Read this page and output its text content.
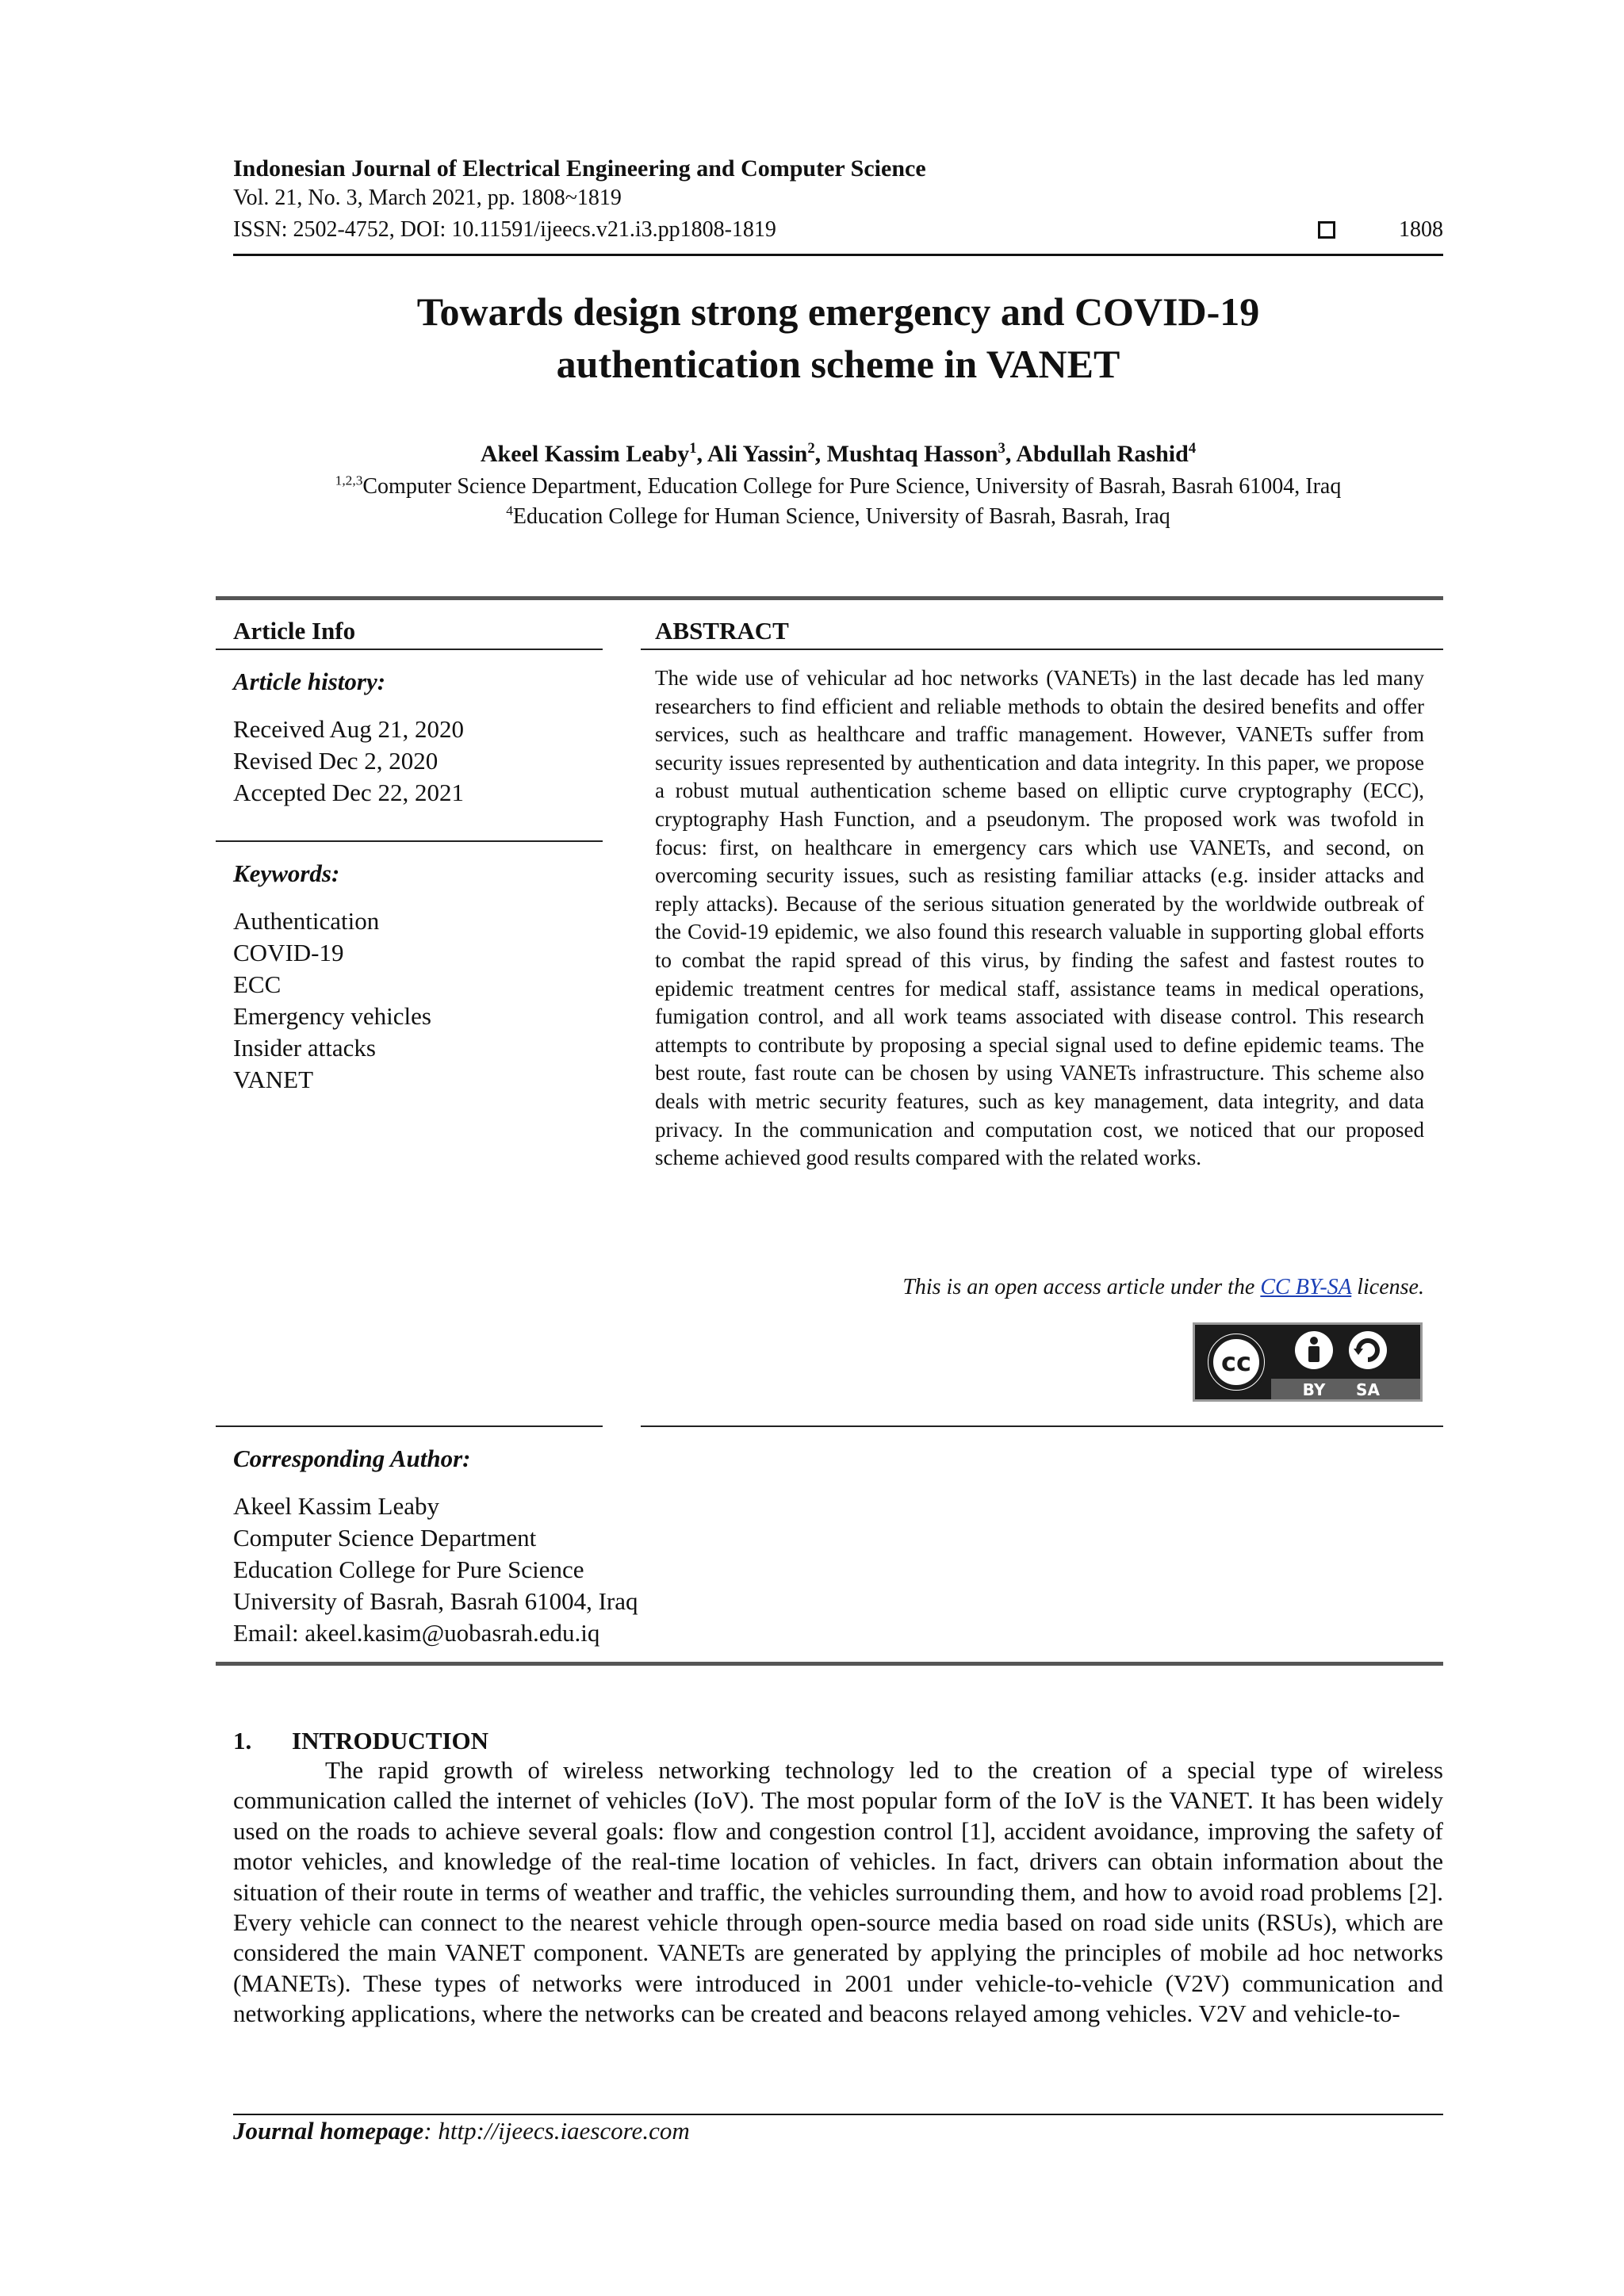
Indonesian Journal of Electrical Engineering and Computer Science
Vol. 21, No. 3, March 2021, pp. 1808~1819
ISSN: 2502-4752, DOI: 10.11591/ijeecs.v21.i3.pp1808-1819	1808
Towards design strong emergency and COVID-19
authentication scheme in VANET
Akeel Kassim Leaby$^1$, Ali Yassin$^2$, Mushtaq Hasson$^3$, Abdullah Rashid$^4$
$^{1,2,3}$Computer Science Department, Education College for Pure Science, University of Basrah, Basrah 61004, Iraq
$^4$Education College for Human Science, University of Basrah, Basrah, Iraq
Article Info
Article history:
Received Aug 21, 2020
Revised Dec 2, 2020
Accepted Dec 22, 2021
Keywords:
Authentication
COVID-19
ECC
Emergency vehicles
Insider attacks
VANET
ABSTRACT
The wide use of vehicular ad hoc networks (VANETs) in the last decade has led many researchers to find efficient and reliable methods to obtain the desired benefits and offer services, such as healthcare and traffic management. However, VANETs suffer from security issues represented by authentication and data integrity. In this paper, we propose a robust mutual authentication scheme based on elliptic curve cryptography (ECC), cryptography Hash Function, and a pseudonym. The proposed work was twofold in focus: first, on healthcare in emergency cars which use VANETs, and second, on overcoming security issues, such as resisting familiar attacks (e.g. insider attacks and reply attacks). Because of the serious situation generated by the worldwide outbreak of the Covid-19 epidemic, we also found this research valuable in supporting global efforts to combat the rapid spread of this virus, by finding the safest and fastest routes to epidemic treatment centres for medical staff, assistance teams in medical operations, fumigation control, and all work teams associated with disease control. This research attempts to contribute by proposing a special signal used to define epidemic teams. The best route, fast route can be chosen by using VANETs infrastructure. This scheme also deals with metric security features, such as key management, data integrity, and data privacy. In the communication and computation cost, we noticed that our proposed scheme achieved good results compared with the related works.
This is an open access article under the CC BY-SA license.
cc
BY SA
Corresponding Author:
Akeel Kassim Leaby
Computer Science Department
Education College for Pure Science
University of Basrah, Basrah 61004, Iraq
Email: akeel.kasim@uobasrah.edu.iq
1. INTRODUCTION
The rapid growth of wireless networking technology led to the creation of a special type of wireless communication called the internet of vehicles (IoV). The most popular form of the IoV is the VANET. It has been widely used on the roads to achieve several goals: flow and congestion control [1], accident avoidance, improving the safety of motor vehicles, and knowledge of the real-time location of vehicles. In fact, drivers can obtain information about the situation of their route in terms of weather and traffic, the vehicles surrounding them, and how to avoid road problems [2]. Every vehicle can connect to the nearest vehicle through open-source media based on road side units (RSUs), which are considered the main VANET component. VANETs are generated by applying the principles of mobile ad hoc networks (MANETs). These types of networks were introduced in 2001 under vehicle-to-vehicle (V2V) communication and networking applications, where the networks can be created and beacons relayed among vehicles. V2V and vehicle-to-
Journal homepage: http://ijeecs.iaescore.com
